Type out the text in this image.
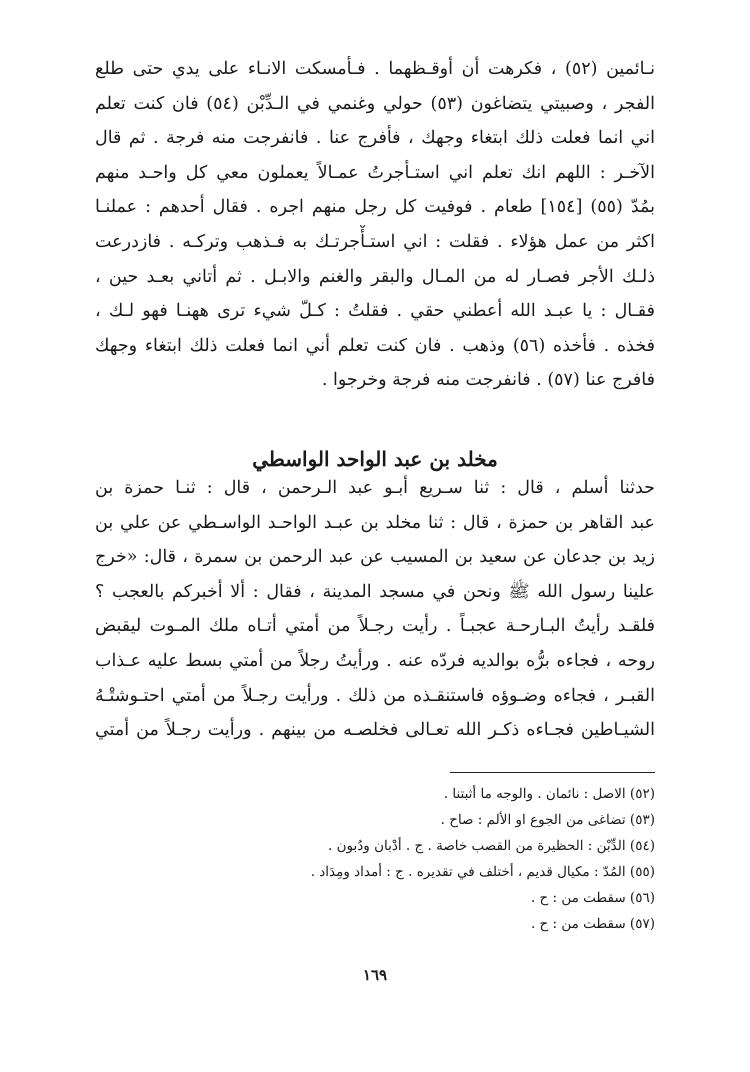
نـائمين (٥٢) ، فكرهت أن أوقـظهما . فـأمسكت الانـاء على يدي حتى طلع
الفجر ، وصبيتي يتضاغون (٥٣) حولي وغنمي في الـدِّبْن (٥٤) فان كنت تعلم
اني انما فعلت ذلك ابتغاء وجهك ، فأفرج عنا . فانفرجت منه فرجة . ثم قال
الآخـر : اللهم انك تعلم اني استـأجرتُ عمـالاً يعملون معي كل واحـد منهم
بمُدّ (٥٥) [١٥٤] طعام . فوفيت كل رجل منهم اجره . فقال أحدهم : عملنـا
اكثر من عمل هؤلاء . فقلت : اني استـأْجرتـك به فـذهب وتركـه . فازدرعت
ذلـك الأجر فصـار له من المـال والبقر والغنم والابـل . ثم أتاني بعـد حين ،
فقـال : يا عبـد الله أعطني حقي . فقلتُ : كـلّ شيء ترى ههنـا فهو لـك ،
فخذه . فأخذه (٥٦) وذهب . فان كنت تعلم أني انما فعلت ذلك ابتغاء وجهك
فافرج عنا (٥٧) . فانفرجت منه فرجة وخرجوا .
مخلد بن عبد الواحد الواسطي
حدثنا أسلم ، قال : ثنا سـريع أبـو عبد الـرحمن ، قال : ثنـا حمزة بن
عبد القاهر بن حمزة ، قال : ثنا مخلد بن عبـد الواحـد الواسـطي عن علي بن
زيد بن جدعان عن سعيد بن المسيب عن عبد الرحمن بن سمرة ، قال: «خرج
علينا رسول الله ﷺ ونحن في مسجد المدينة ، فقال : ألا أخبركم بالعجب ؟
فلقـد رأيتُ البـارحـة عجبـاً . رأيت رجـلاً من أمتي أتـاه ملك المـوت ليقبض
روحه ، فجاءه برُّه بوالديه فردّه عنه . ورأيتُ رجلاً من أمتي بسط عليه عـذاب
القبـر ، فجاءه وضـوؤه فاستنقـذه من ذلك . ورأيت رجـلاً من أمتي احتـوشتْـهُ
الشيـاطين فجـاءه ذكـر الله تعـالى فخلصـه من بينهم . ورأيت رجـلاً من أمتي
(٥٢) الاصل : نائمان . والوجه ما أثبتنا .
(٥٣) تضاغى من الجوع او الألم : صاح .
(٥٤) الدِّبْن : الحظيرة من القصب خاصة . ج . أدْبان ودُبون .
(٥٥) المُدّ : مكيال قديم ، أختلف في تقديره . ج : أمداد ومِدَاد .
(٥٦) سقطت من : ح .
(٥٧) سقطت من : ح .
١٦٩
